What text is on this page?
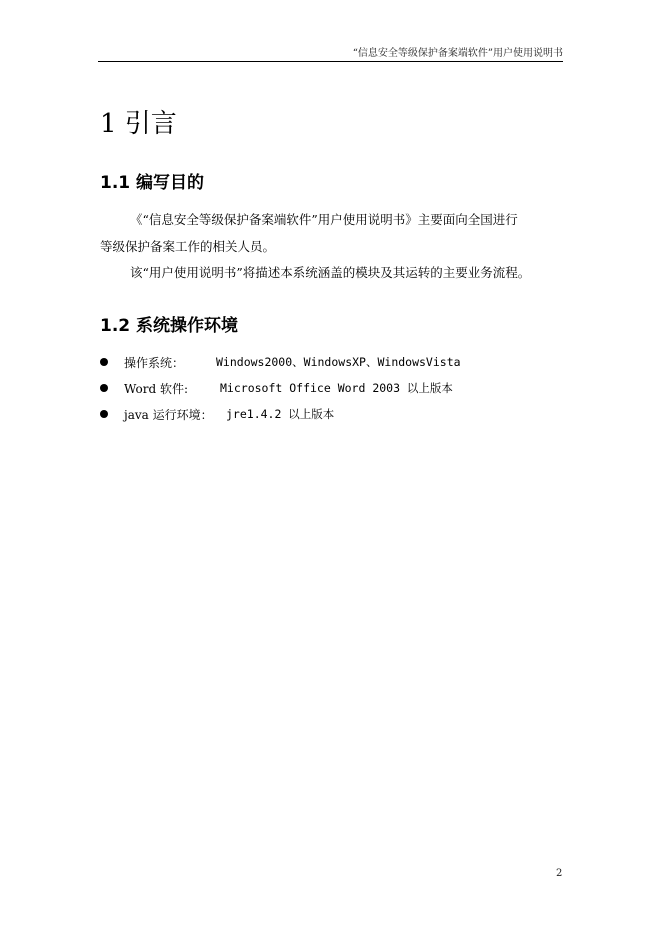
“信息安全等级保护备案端软件”用户使用说明书
1 引言
1.1 编写目的

《“信息安全等级保护备案端软件”用户使用说明书》主要面向全国进行

等级保护备案工作的相关人员。

该“用户使用说明书”将描述本系统涵盖的模块及其运转的主要业务流程。

1.2 系统操作环境
操作系统：	Windows2000、WindowsXP、WindowsVista
Word 软件:	Microsoft Office Word 2003 以上版本
java 运行环境： jre1.4.2 以上版本
2
